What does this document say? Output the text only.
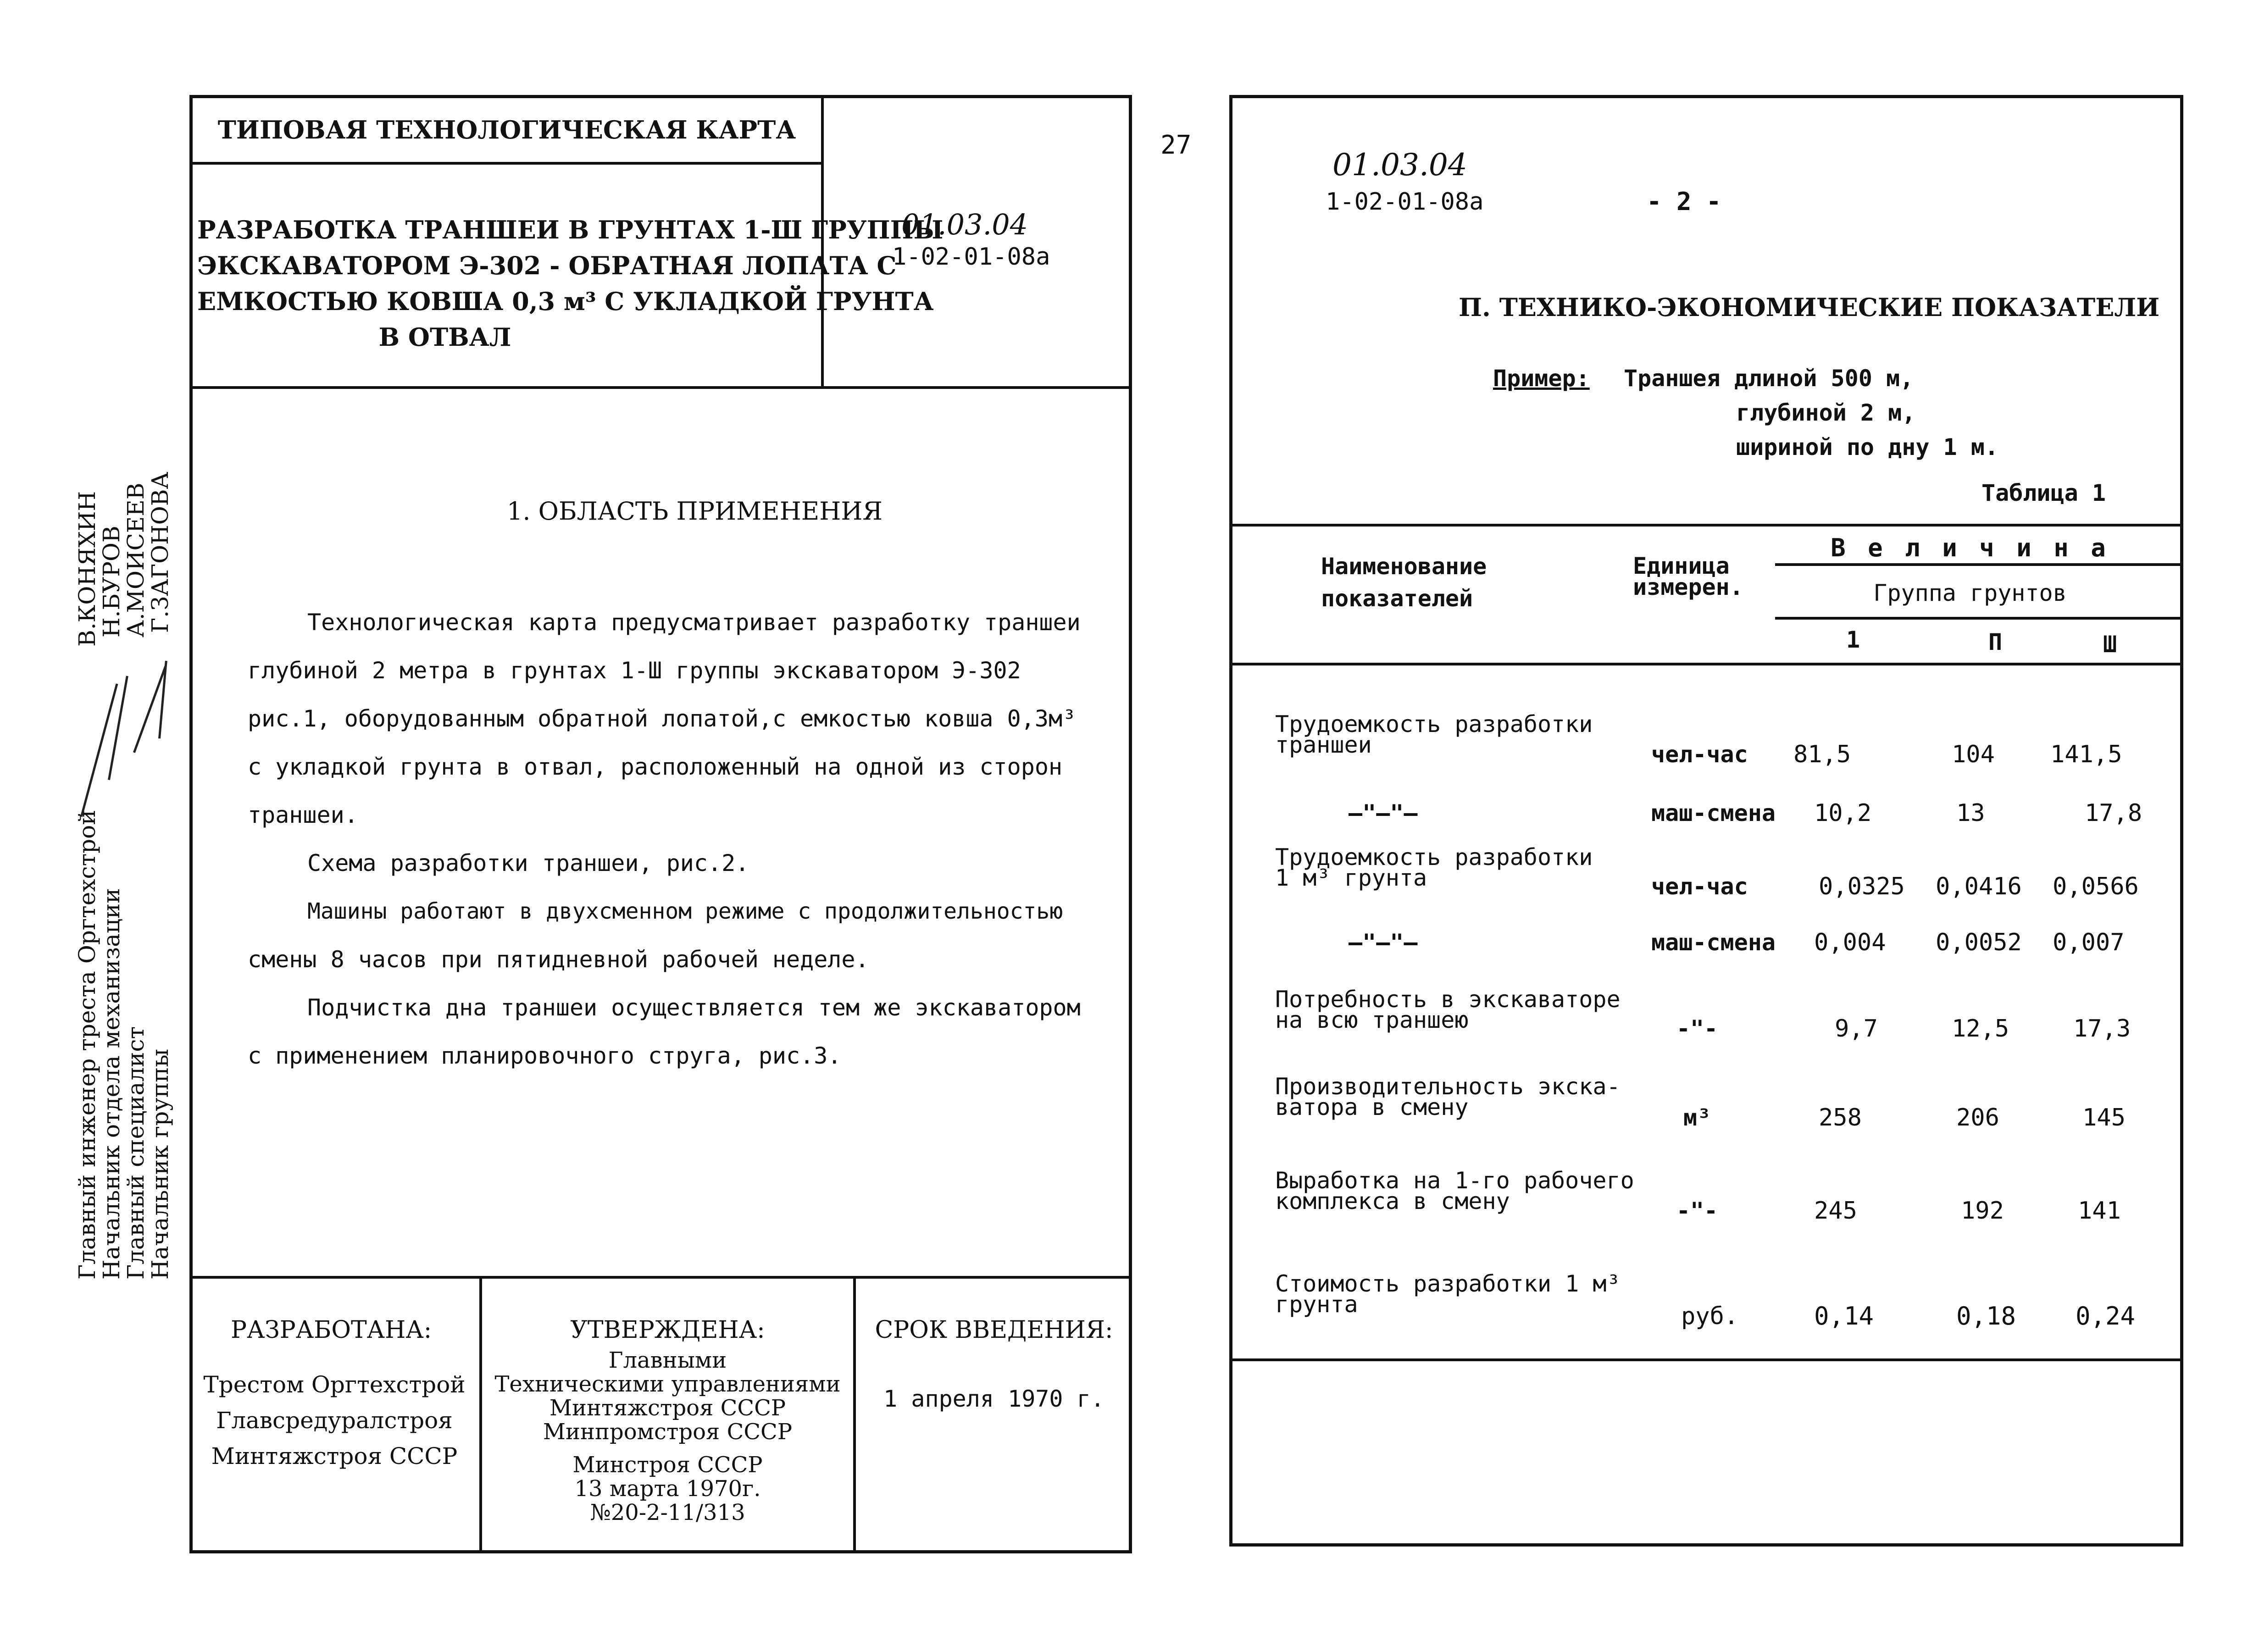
ТИПОВАЯ ТЕХНОЛОГИЧЕСКАЯ КАРТА
РАЗРАБОТКА ТРАНШЕИ В ГРУНТАХ 1-Ш ГРУППЫ
ЭКСКАВАТОРОМ Э-302 - ОБРАТНАЯ ЛОПАТА С
ЕМКОСТЬЮ КОВША 0,3 м³ С УКЛАДКОЙ ГРУНТА
В ОТВАЛ
01.03.04
1-02-01-08а
1. ОБЛАСТЬ ПРИМЕНЕНИЯ
Технологическая карта предусматривает разработку траншеи
глубиной 2 метра в грунтах 1-Ш группы экскаватором Э-302
рис.1, оборудованным обратной лопатой,с емкостью ковша 0,3м³
с укладкой грунта в отвал, расположенный на одной из сторон
траншеи.
Схема разработки траншеи, рис.2.
Машины работают в двухсменном режиме с продолжительностью
смены 8 часов при пятидневной рабочей неделе.
Подчистка дна траншеи осуществляется тем же экскаватором
с применением планировочного струга, рис.3.
РАЗРАБОТАНА:
Трестом Оргтехстрой
Главсредуралстроя
Минтяжстроя СССР
УТВЕРЖДЕНА:
Главными
Техническими управлениями
Минтяжстроя СССР
Минпромстроя СССР
Минстроя СССР
13 марта 1970г.
№20-2-11/313
СРОК ВВЕДЕНИЯ:
1 апреля 1970 г.
Главный инженер треста Оргтехстрой
Начальник отдела механизации
Главный специалист
Начальник группы
В.КОНЯХИН
Н.БУРОВ
А.МОИСЕЕВ
Г.ЗАГОНОВА
27
01.03.04
1-02-01-08а	- 2 -
П. ТЕХНИКО-ЭКОНОМИЧЕСКИЕ ПОКАЗАТЕЛИ
Пример: Траншея длиной 500 м,
глубиной 2 м,
шириной по дну 1 м.
Таблица 1
Наименование
показателей
Единица
измерен.
В е л и ч и н а
Группа грунтов
1	П	Ш
Трудоемкость разработки
траншеи	чел-час 81,5	104 141,5
—"—"—	маш-смена 10,2	13	17,8
Трудоемкость разработки
1 м³ грунта	чел-час	0,0325 0,0416 0,0566
—"—"—	маш-смена 0,004 0,0052 0,007
Потребность в экскаваторе
на всю траншею	-"-	9,7	12,5	17,3
Производительность экска-
ватора в смену	м³	258	206	145
Выработка на 1-го рабочего
комплекса в смену	-"-	245	192	141
Стоимость разработки 1 м³
грунта	руб.	0,14	0,18 0,24
